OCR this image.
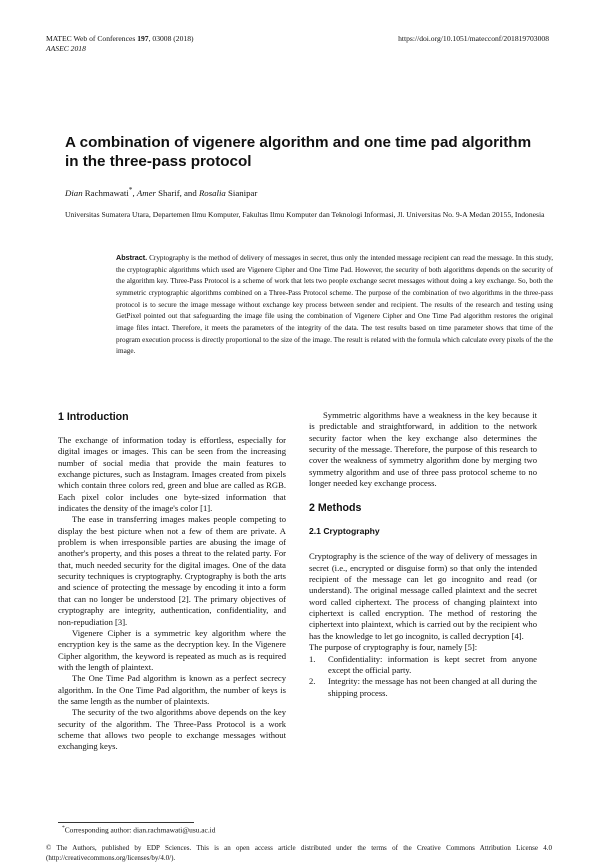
MATEC Web of Conferences 197, 03008 (2018)
AASEC 2018
https://doi.org/10.1051/matecconf/201819703008
A combination of vigenere algorithm and one time pad algorithm in the three-pass protocol
Dian Rachmawati*, Amer Sharif, and Rosalia Sianipar
Universitas Sumatera Utara, Departemen Ilmu Komputer, Fakultas Ilmu Komputer dan Teknologi Informasi, Jl. Universitas No. 9-A Medan 20155, Indonesia

Abstract. Cryptography is the method of delivery of messages in secret, thus only the intended message recipient can read the message. In this study, the cryptographic algorithms which used are Vigenere Cipher and One Time Pad. However, the security of both algorithms depends on the security of the algorithm key. Three-Pass Protocol is a scheme of work that lets two people exchange secret messages without doing a key exchange. So, both the symmetric cryptographic algorithms combined on a Three-Pass Protocol scheme. The purpose of the combination of two algorithms in the three-pass protocol is to secure the image message without exchange key process between sender and recipient. The results of the research and testing using GetPixel pointed out that safeguarding the image file using the combination of Vigenere Cipher and One Time Pad algorithm restores the original image files intact. Therefore, it meets the parameters of the integrity of the data. The test results based on time parameter shows that time of the program execution process is directly proportional to the size of the image. The result is related with the formula which calculate every pixels of the the image.

1 Introduction

The exchange of information today is effortless, especially for digital images or images. This can be seen from the increasing number of social media that provide the main features to exchange pictures, such as Instagram. Images created from pixels which contain three colors red, green and blue are called as RGB. Each pixel color includes one byte-sized information that indicates the density of the image's color [1].

The ease in transferring images makes people competing to display the best picture when not a few of them are private. A problem is when irresponsible parties are abusing the image of another's property, and this poses a threat to the related party. For that, much needed security for the digital images. One of the data security techniques is cryptography. Cryptography is both the arts and science of protecting the message by encoding it into a form that can no longer be understood [2]. The primary objectives of cryptography are integrity, authentication, confidentiality, and non-repudiation [3].

Vigenere Cipher is a symmetric key algorithm where the encryption key is the same as the decryption key. In the Vigenere Cipher algorithm, the keyword is repeated as much as is required with the length of plaintext.

The One Time Pad algorithm is known as a perfect secrecy algorithm. In the One Time Pad algorithm, the number of keys is the same length as the number of plaintexts.

The security of the two algorithms above depends on the key security of the algorithm. The Three-Pass Protocol is a work scheme that allows two people to exchange messages without exchanging keys.

Symmetric algorithms have a weakness in the key because it is predictable and straightforward, in addition to the network security factor when the key exchange also determines the security of the message. Therefore, the purpose of this research to cover the weakness of symmetry algorithm done by merging two symmetry algorithm and use of three pass protocol scheme to no longer needed key exchange process.

2 Methods
2.1 Cryptography

Cryptography is the science of the way of delivery of messages in secret (i.e., encrypted or disguise form) so that only the intended recipient of the message can let go incognito and read (or understand). The original message called plaintext and the secret word called ciphertext. The process of changing plaintext into ciphertext is called encryption. The method of restoring the ciphertext into plaintext, which is carried out by the recipient who has the knowledge to let go incognito, is called decryption [4].

The purpose of cryptography is four, namely [5]:

1.	Confidentiality: information is kept secret from anyone except the official party.
2.	Integrity: the message has not been changed at all during the shipping process.
*Corresponding author: dian.rachmawati@usu.ac.id
© The Authors, published by EDP Sciences. This is an open access article distributed under the terms of the Creative Commons Attribution License 4.0 (http://creativecommons.org/licenses/by/4.0/).
